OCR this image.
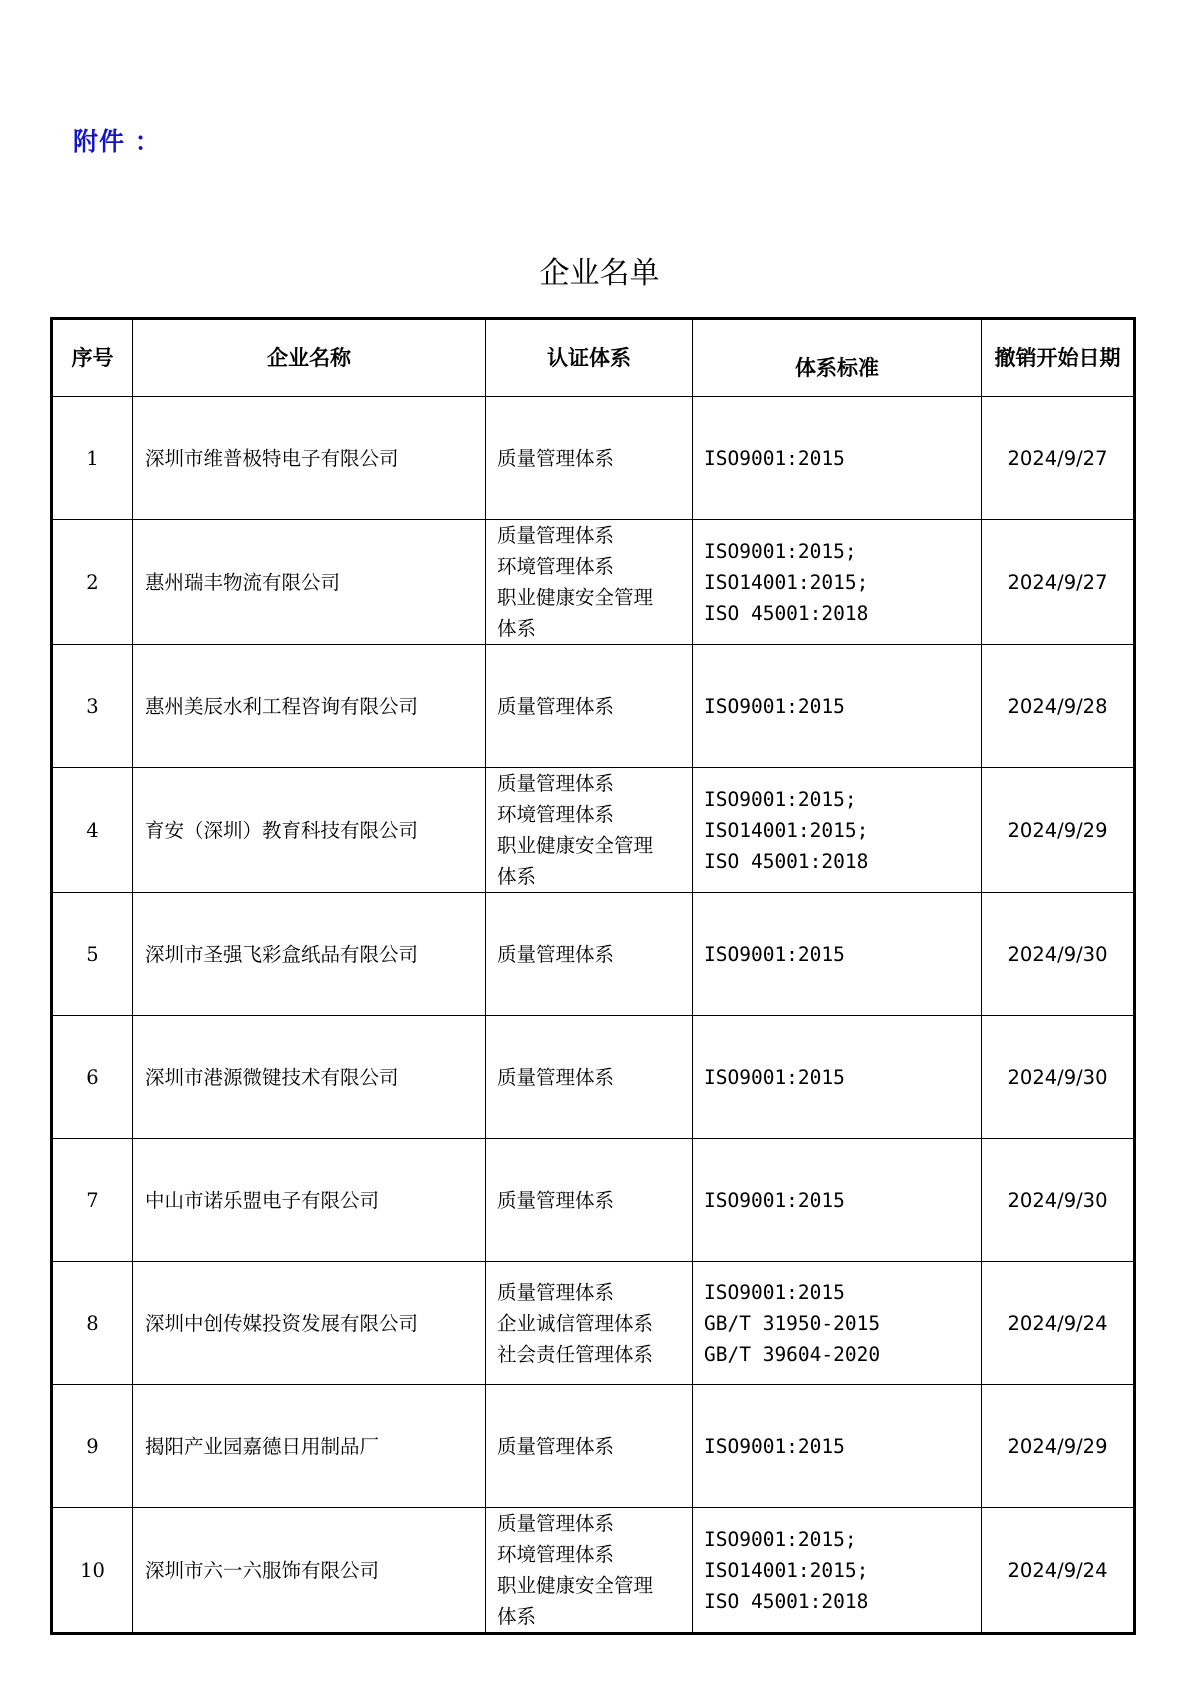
附件 ：
企业名单
序号	企业名称	认证体系	体系标准	撤销开始日期
1	深圳市维普极特电子有限公司	质量管理体系	ISO9001:2015	2024/9/27
2	惠州瑞丰物流有限公司	质量管理体系
环境管理体系
职业健康安全管理
体系	ISO9001:2015;
ISO14001:2015;
ISO 45001:2018	2024/9/27
3	惠州美辰水利工程咨询有限公司	质量管理体系	ISO9001:2015	2024/9/28
4	育安（深圳）教育科技有限公司	质量管理体系
环境管理体系
职业健康安全管理
体系	ISO9001:2015;
ISO14001:2015;
ISO 45001:2018	2024/9/29
5	深圳市圣强飞彩盒纸品有限公司	质量管理体系	ISO9001:2015	2024/9/30
6	深圳市港源微键技术有限公司	质量管理体系	ISO9001:2015	2024/9/30
7	中山市诺乐盟电子有限公司	质量管理体系	ISO9001:2015	2024/9/30
8	深圳中创传媒投资发展有限公司	质量管理体系
企业诚信管理体系
社会责任管理体系	ISO9001:2015
GB/T 31950-2015
GB/T 39604-2020	2024/9/24
9	揭阳产业园嘉德日用制品厂	质量管理体系	ISO9001:2015	2024/9/29
10	深圳市六一六服饰有限公司	质量管理体系
环境管理体系
职业健康安全管理
体系	ISO9001:2015;
ISO14001:2015;
ISO 45001:2018	2024/9/24
